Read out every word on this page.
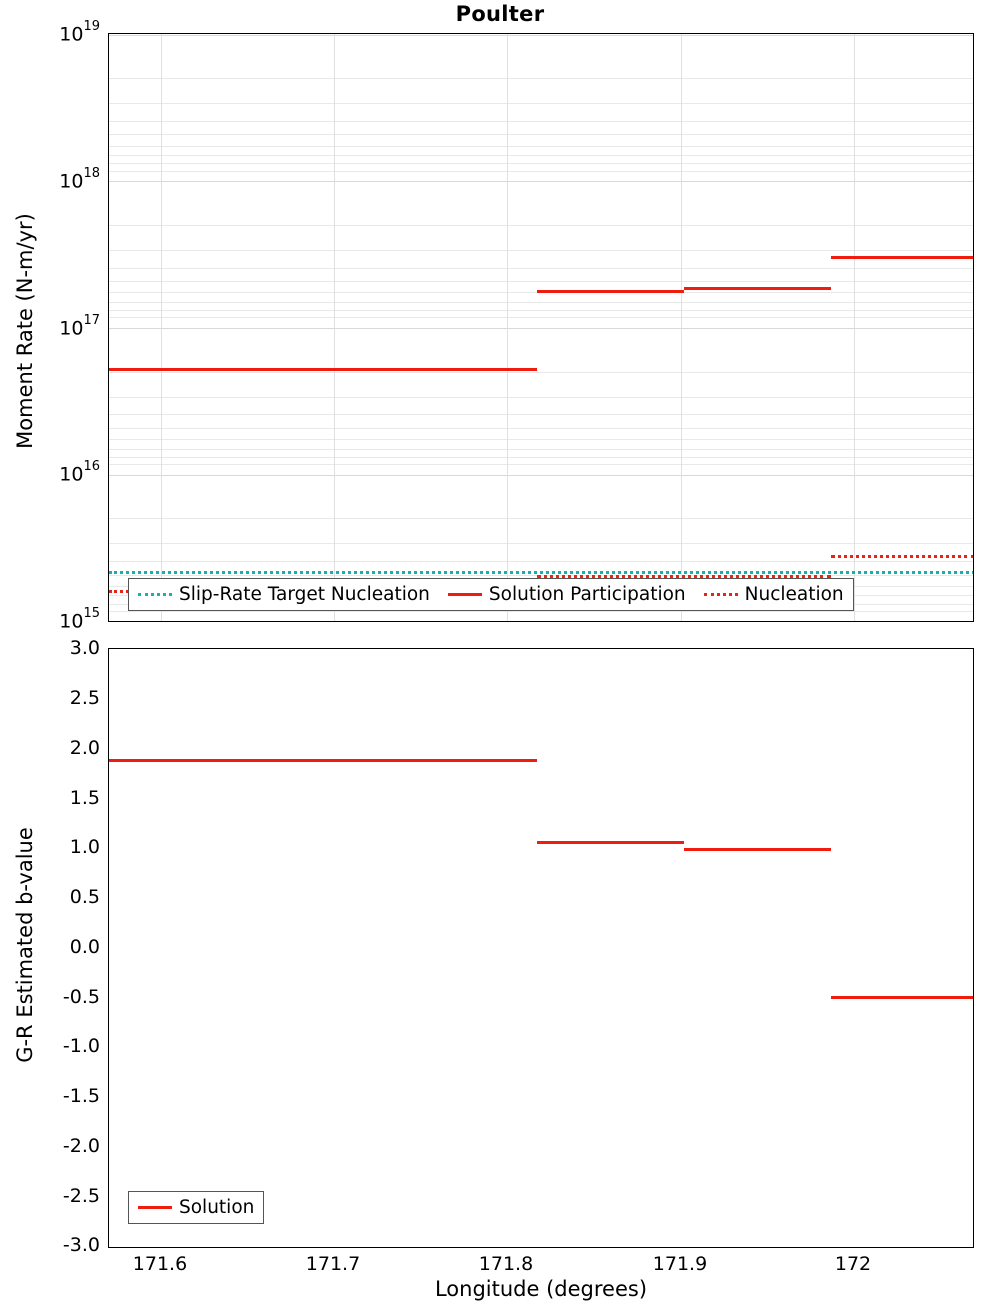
Poulter
$10^{19}$
$10^{18}$
$10^{17}$
$10^{16}$
$10^{15}$
Moment Rate (N-m/yr)
Slip-Rate Target Nucleation	Solution Participation	Nucleation
3.0
2.5
2.0
1.5
1.0
0.5
0.0
-0.5
-1.0
-1.5
-2.0
-2.5
-3.0
171.6	171.7	171.8	171.9	172
G-R Estimated b-value
Longitude (degrees)
Solution
